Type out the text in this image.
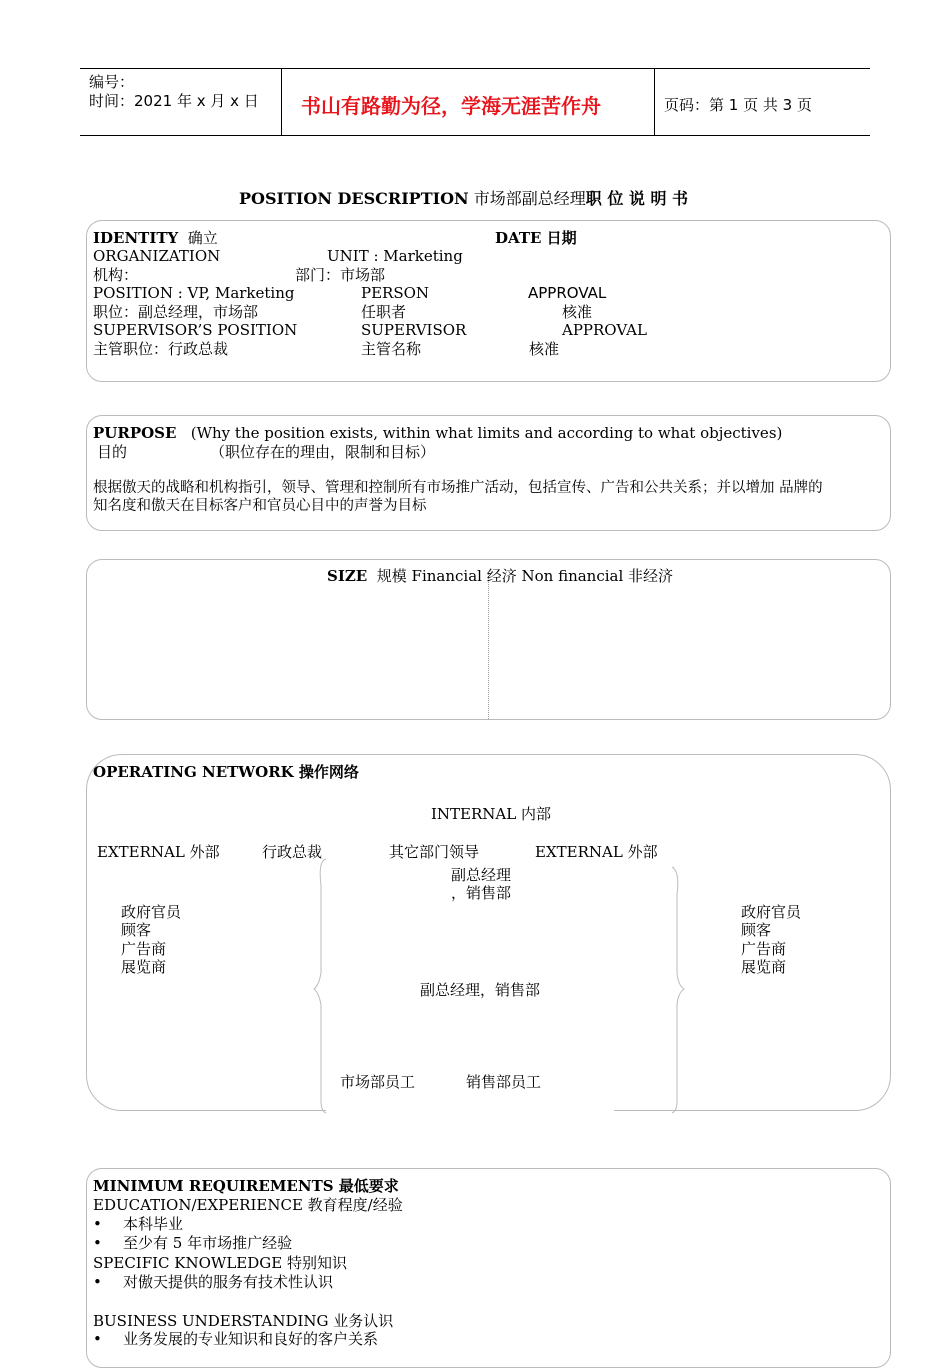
编号：
时间：2021 年 x 月 x 日 书山有路勤为径，学海无涯苦作舟	页码：第 1 页 共 3 页
POSITION DESCRIPTION 市场部副总经理职 位 说 明 书
IDENTITY 确立	DATE 日期
ORGANIZATION	UNIT : Marketing
机构：	部门：市场部
POSITION : VP, Marketing	PERSON	APPROVAL
职位：副总经理，市场部	任职者	核准
SUPERVISOR’S POSITION	SUPERVISOR	APPROVAL
主管职位：行政总裁	主管名称	核准
PURPOSE (Why the position exists, within what limits and according to what objectives)
目的	（职位存在的理由，限制和目标）
根据傲天的战略和机构指引，领导、管理和控制所有市场推广活动，包括宣传、广告和公共关系；并以增加 品牌的
知名度和傲天在目标客户和官员心目中的声誉为目标
SIZE 规模 Financial 经济 Non financial 非经济
OPERATING NETWORK 操作网络
INTERNAL 内部
EXTERNAL 外部	行政总裁	其它部门领导	EXTERNAL 外部
副总经理
，销售部
政府官员
顾客
广告商
展览商
政府官员
顾客
广告商
展览商
副总经理，销售部
市场部员工	销售部员工
MINIMUM REQUIREMENTS 最低要求
EDUCATION/EXPERIENCE 教育程度/经验
• 本科毕业
• 至少有 5 年市场推广经验
SPECIFIC KNOWLEDGE 特别知识
• 对傲天提供的服务有技术性认识
BUSINESS UNDERSTANDING 业务认识
• 业务发展的专业知识和良好的客户关系
